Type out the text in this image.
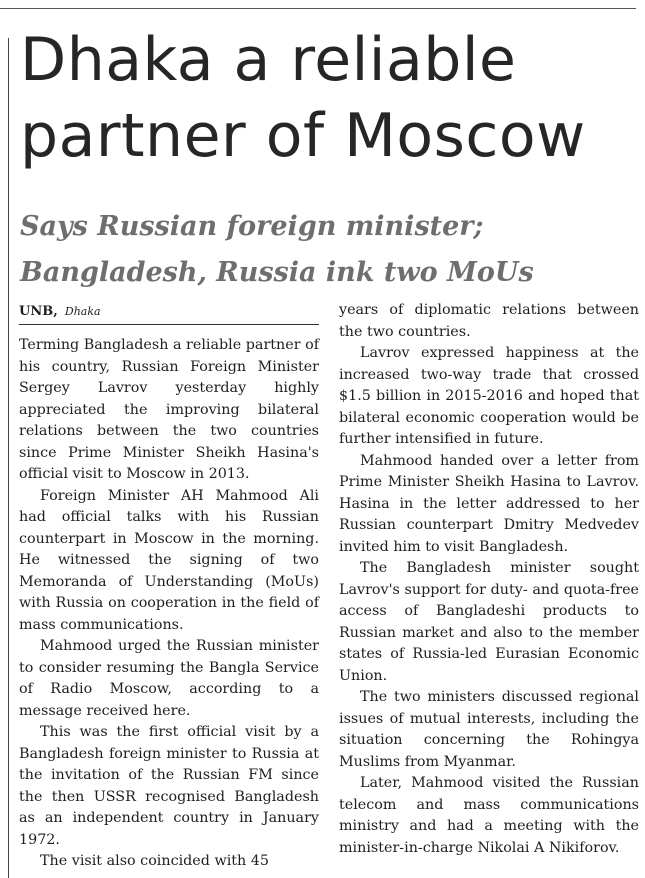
Dhaka a reliable partner of Moscow
Says Russian foreign minister; Bangladesh, Russia ink two MoUs
UNB, Dhaka

Terming Bangladesh a reliable partner of his country, Russian Foreign Minister Sergey Lavrov yesterday highly appreciated the improving bilateral relations between the two countries since Prime Minister Sheikh Hasina's official visit to Moscow in 2013.

Foreign Minister AH Mahmood Ali had official talks with his Russian counterpart in Moscow in the morning. He witnessed the signing of two Memoranda of Understanding (MoUs) with Russia on cooperation in the field of mass communications.

Mahmood urged the Russian minister to consider resuming the Bangla Service of Radio Moscow, according to a message received here.

This was the first official visit by a Bangladesh foreign minister to Russia at the invitation of the Russian FM since the then USSR recognised Bangladesh as an independent country in January 1972.

The visit also coincided with 45

years of diplomatic relations between the two countries.

Lavrov expressed happiness at the increased two-way trade that crossed $1.5 billion in 2015-2016 and hoped that bilateral economic cooperation would be further intensified in future.

Mahmood handed over a letter from Prime Minister Sheikh Hasina to Lavrov. Hasina in the letter addressed to her Russian counterpart Dmitry Medvedev invited him to visit Bangladesh.

The Bangladesh minister sought Lavrov's support for duty- and quota-free access of Bangladeshi products to Russian market and also to the member states of Russia-led Eurasian Economic Union.

The two ministers discussed regional issues of mutual interests, including the situation concerning the Rohingya Muslims from Myanmar.

Later, Mahmood visited the Russian telecom and mass communications ministry and had a meeting with the minister-in-charge Nikolai A Nikiforov.
